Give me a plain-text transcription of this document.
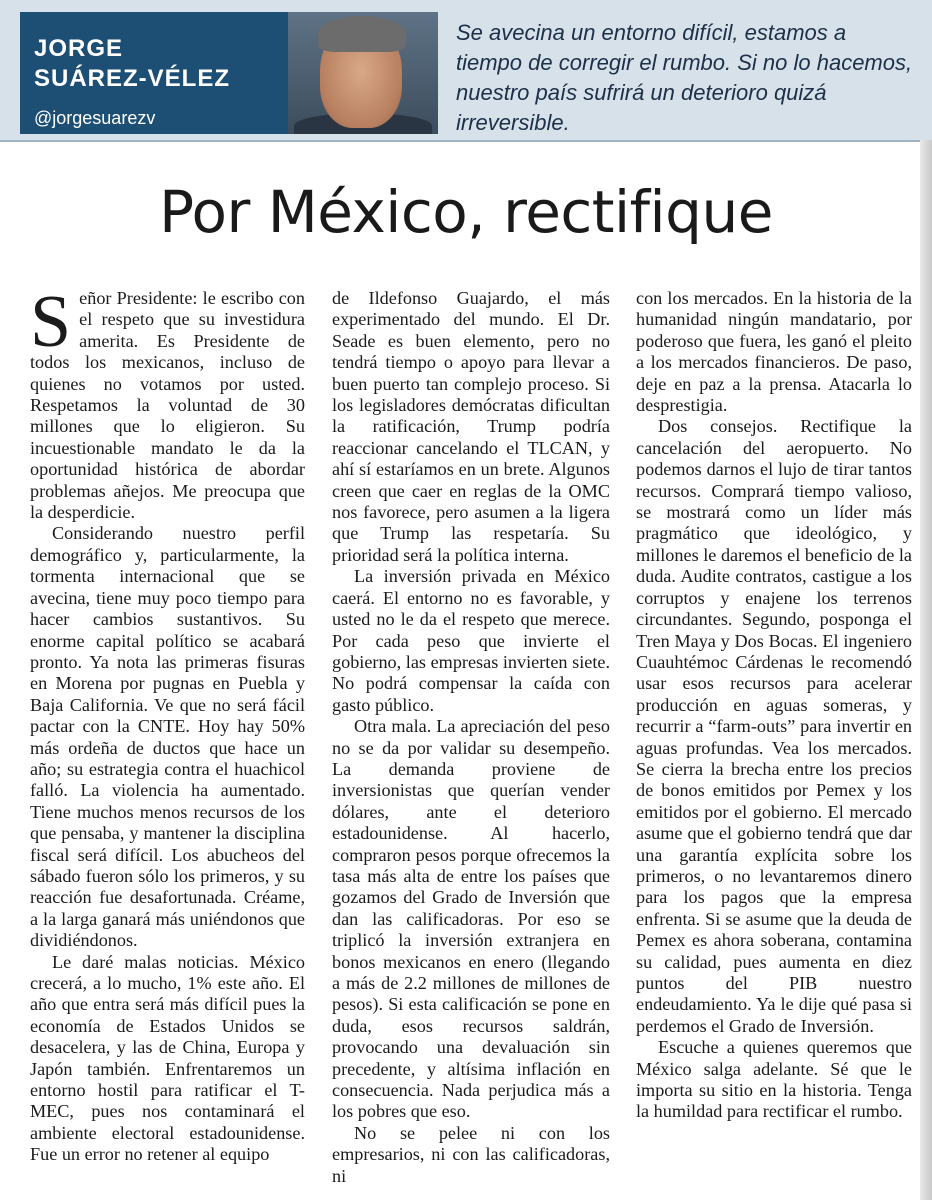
JORGE
SUÁREZ-VÉLEZ
@jorgesuarezv
Se avecina un entorno difícil, estamos a tiempo de corregir el rumbo. Si no lo hacemos, nuestro país sufrirá un deterioro quizá irreversible.
Por México, rectifique

Señor Presidente: le escribo con el respeto que su investidura amerita. Es Presidente de todos los mexicanos, incluso de quienes no votamos por usted. Respetamos la voluntad de 30 millones que lo eligieron. Su incuestionable mandato le da la oportunidad histórica de abordar problemas añejos. Me preocupa que la desperdicie.

Considerando nuestro perfil demográfico y, particularmente, la tormenta internacional que se avecina, tiene muy poco tiempo para hacer cambios sustantivos. Su enorme capital político se acabará pronto. Ya nota las primeras fisuras en Morena por pugnas en Puebla y Baja California. Ve que no será fácil pactar con la CNTE. Hoy hay 50% más ordeña de ductos que hace un año; su estrategia contra el huachicol falló. La violencia ha aumentado. Tiene muchos menos recursos de los que pensaba, y mantener la disciplina fiscal será difícil. Los abucheos del sábado fueron sólo los primeros, y su reacción fue desafortunada. Créame, a la larga ganará más uniéndonos que dividiéndonos.

Le daré malas noticias. México crecerá, a lo mucho, 1% este año. El año que entra será más difícil pues la economía de Estados Unidos se desacelera, y las de China, Europa y Japón también. Enfrentaremos un entorno hostil para ratificar el T-MEC, pues nos contaminará el ambiente electoral estadounidense. Fue un error no retener al equipo

de Ildefonso Guajardo, el más experimentado del mundo. El Dr. Seade es buen elemento, pero no tendrá tiempo o apoyo para llevar a buen puerto tan complejo proceso. Si los legisladores demócratas dificultan la ratificación, Trump podría reaccionar cancelando el TLCAN, y ahí sí estaríamos en un brete. Algunos creen que caer en reglas de la OMC nos favorece, pero asumen a la ligera que Trump las respetaría. Su prioridad será la política interna.

La inversión privada en México caerá. El entorno no es favorable, y usted no le da el respeto que merece. Por cada peso que invierte el gobierno, las empresas invierten siete. No podrá compensar la caída con gasto público.

Otra mala. La apreciación del peso no se da por validar su desempeño. La demanda proviene de inversionistas que querían vender dólares, ante el deterioro estadounidense. Al hacerlo, compraron pesos porque ofrecemos la tasa más alta de entre los países que gozamos del Grado de Inversión que dan las calificadoras. Por eso se triplicó la inversión extranjera en bonos mexicanos en enero (llegando a más de 2.2 millones de millones de pesos). Si esta calificación se pone en duda, esos recursos saldrán, provocando una devaluación sin precedente, y altísima inflación en consecuencia. Nada perjudica más a los pobres que eso.

No se pelee ni con los empresarios, ni con las calificadoras, ni

con los mercados. En la historia de la humanidad ningún mandatario, por poderoso que fuera, les ganó el pleito a los mercados financieros. De paso, deje en paz a la prensa. Atacarla lo desprestigia.

Dos consejos. Rectifique la cancelación del aeropuerto. No podemos darnos el lujo de tirar tantos recursos. Comprará tiempo valioso, se mostrará como un líder más pragmático que ideológico, y millones le daremos el beneficio de la duda. Audite contratos, castigue a los corruptos y enajene los terrenos circundantes. Segundo, posponga el Tren Maya y Dos Bocas. El ingeniero Cuauhtémoc Cárdenas le recomendó usar esos recursos para acelerar producción en aguas someras, y recurrir a “farm-outs” para invertir en aguas profundas. Vea los mercados. Se cierra la brecha entre los precios de bonos emitidos por Pemex y los emitidos por el gobierno. El mercado asume que el gobierno tendrá que dar una garantía explícita sobre los primeros, o no levantaremos dinero para los pagos que la empresa enfrenta. Si se asume que la deuda de Pemex es ahora soberana, contamina su calidad, pues aumenta en diez puntos del PIB nuestro endeudamiento. Ya le dije qué pasa si perdemos el Grado de Inversión.

Escuche a quienes queremos que México salga adelante. Sé que le importa su sitio en la historia. Tenga la humildad para rectificar el rumbo.
